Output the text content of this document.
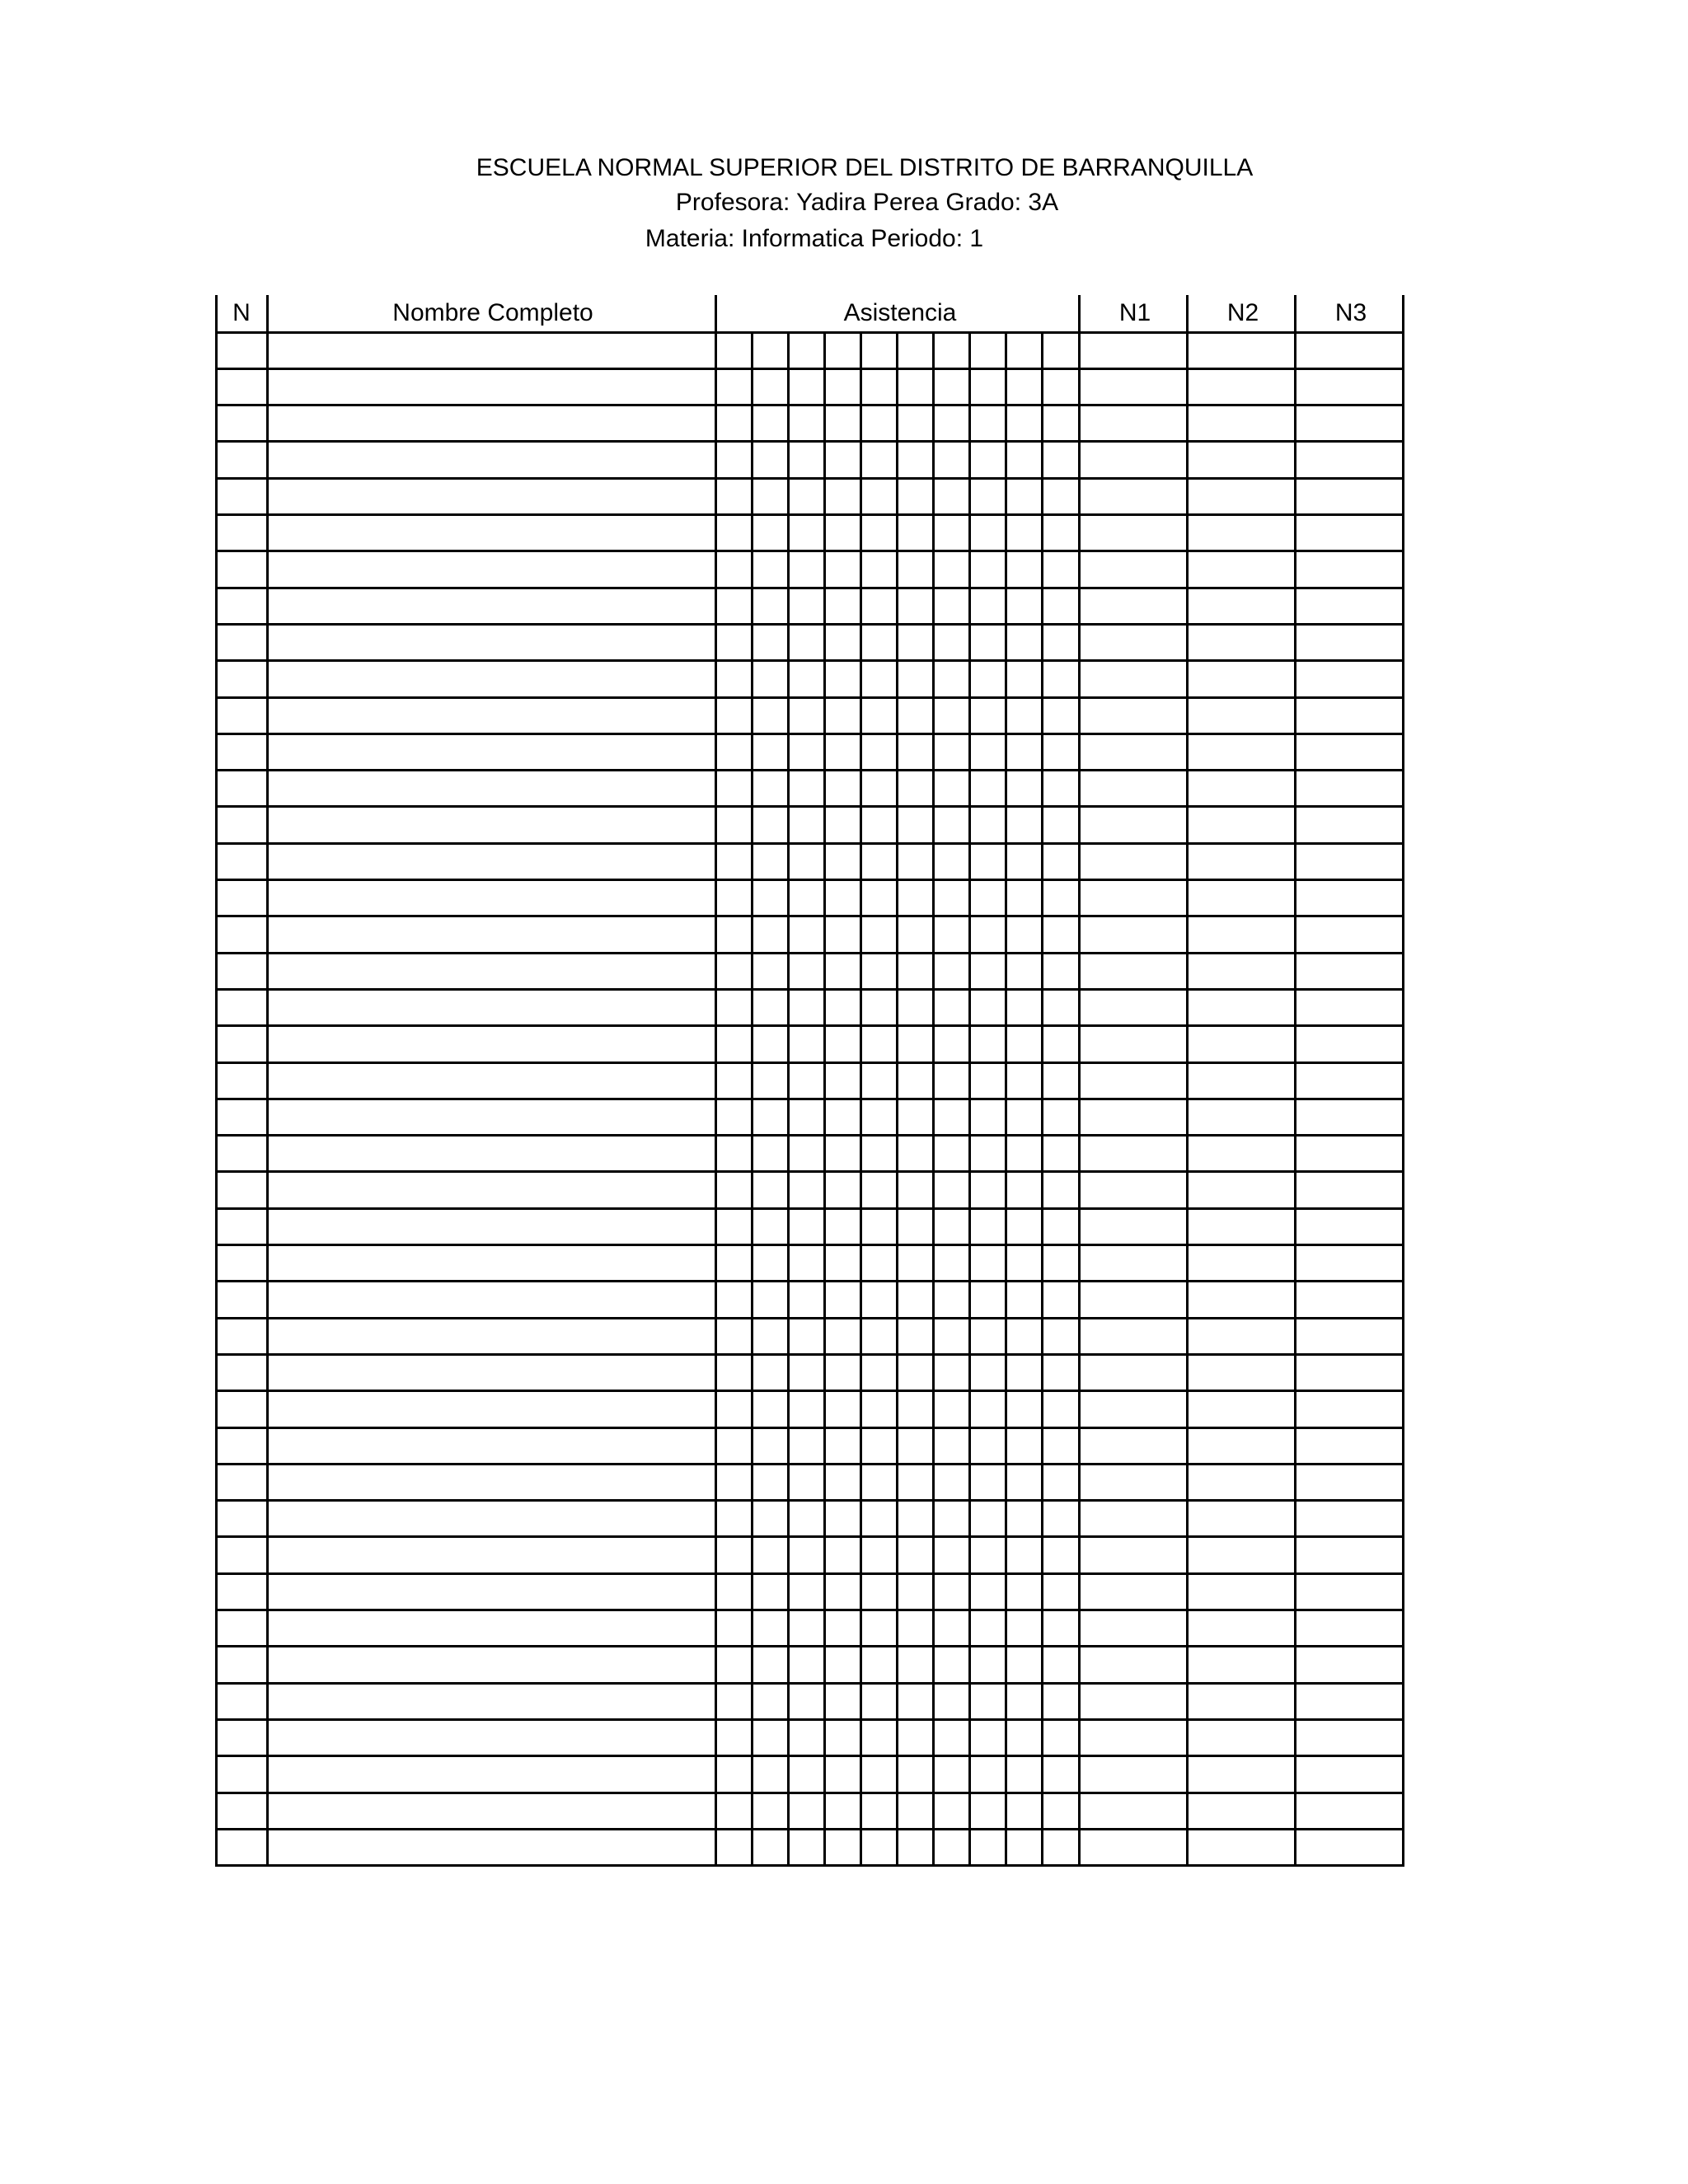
ESCUELA NORMAL SUPERIOR DEL DISTRITO DE BARRANQUILLA
Profesora: Yadira Perea Grado: 3A
Materia: Informatica Periodo: 1
N	Nombre Completo	Asistencia	N1	N2	N3
